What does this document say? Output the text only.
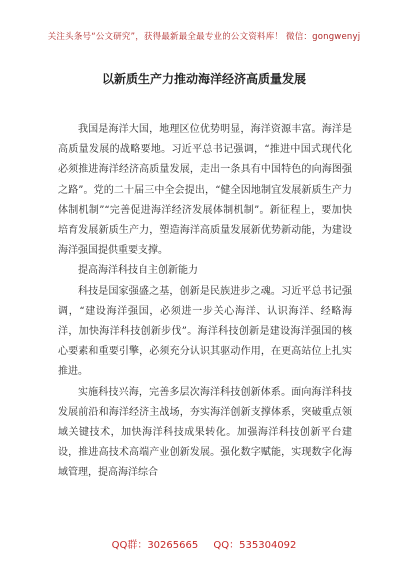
关注头条号“公文研究”，获得最新最全最专业的公文资料库！ 微信：gongwenyj
以新质生产力推动海洋经济高质量发展

我国是海洋大国，地理区位优势明显，海洋资源丰富。海洋是高质量发展的战略要地。习近平总书记强调，“推进中国式现代化必须推进海洋经济高质量发展，走出一条具有中国特色的向海图强之路”。党的二十届三中全会提出，“健全因地制宜发展新质生产力体制机制”“完善促进海洋经济发展体制机制”。新征程上，要加快培育发展新质生产力，塑造海洋高质量发展新优势新动能，为建设海洋强国提供重要支撑。

提高海洋科技自主创新能力

科技是国家强盛之基，创新是民族进步之魂。习近平总书记强调，“建设海洋强国，必须进一步关心海洋、认识海洋、经略海洋，加快海洋科技创新步伐”。海洋科技创新是建设海洋强国的核心要素和重要引擎，必须充分认识其驱动作用，在更高站位上扎实推进。

实施科技兴海，完善多层次海洋科技创新体系。面向海洋科技发展前沿和海洋经济主战场，夯实海洋创新支撑体系，突破重点领域关键技术，加快海洋科技成果转化。加强海洋科技创新平台建设，推进高技术高端产业创新发展。强化数字赋能，实现数字化海域管理，提高海洋综合

QQ群：30265665 QQ：535304092
